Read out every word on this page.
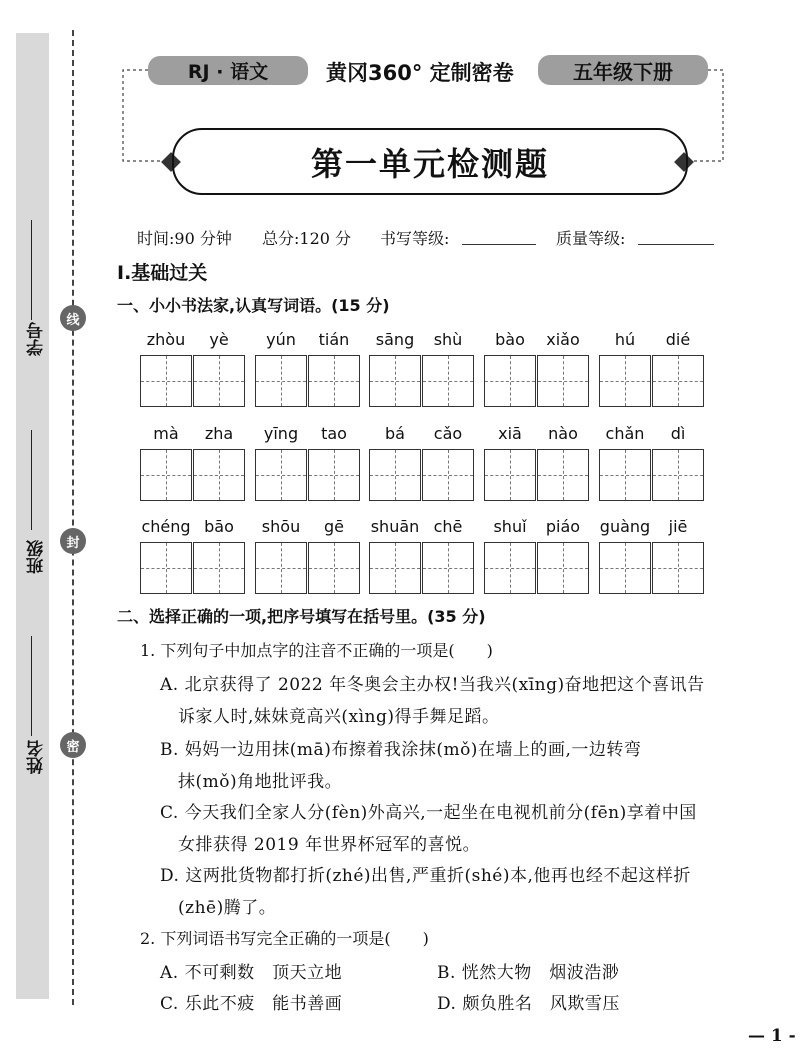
学号
班级
姓名
线
封
密
RJ · 语文	黄冈360° 定制密卷	五年级下册
第一单元检测题
时间:90 分钟 总分:120 分 书写等级:	质量等级:
Ⅰ.基础过关
一、小小书法家,认真写词语。(15 分)
zhòu	yè	yún	tián	sāng	shù	bào	xiǎo	hú	dié
mà	zha	yīng	tao	bá	cǎo	xiā	nào	chǎn	dì
chéng bāo	shōu	gē	shuān chē	shuǐ	piáo	guàng	jiē
二、选择正确的一项,把序号填写在括号里。(35 分)
1. 下列句子中加点字的注音不正确的一项是(　　)
A. 北京获得了 2022 年冬奥会主办权!当我兴(xīng)奋地把这个喜讯告
诉家人时,妹妹竟高兴(xìng)得手舞足蹈。
B. 妈妈一边用抹(mā)布擦着我涂抹(mǒ)在墙上的画,一边转弯
抹(mǒ)角地批评我。
C. 今天我们全家人分(fèn)外高兴,一起坐在电视机前分(fēn)享着中国
女排获得 2019 年世界杯冠军的喜悦。
D. 这两批货物都打折(zhé)出售,严重折(shé)本,他再也经不起这样折
(zhē)腾了。
2. 下列词语书写完全正确的一项是(　　)
A. 不可剩数　顶天立地	B. 恍然大物　烟波浩渺
C. 乐此不疲　能书善画	D. 颇负胜名　风欺雪压
— 1 -
